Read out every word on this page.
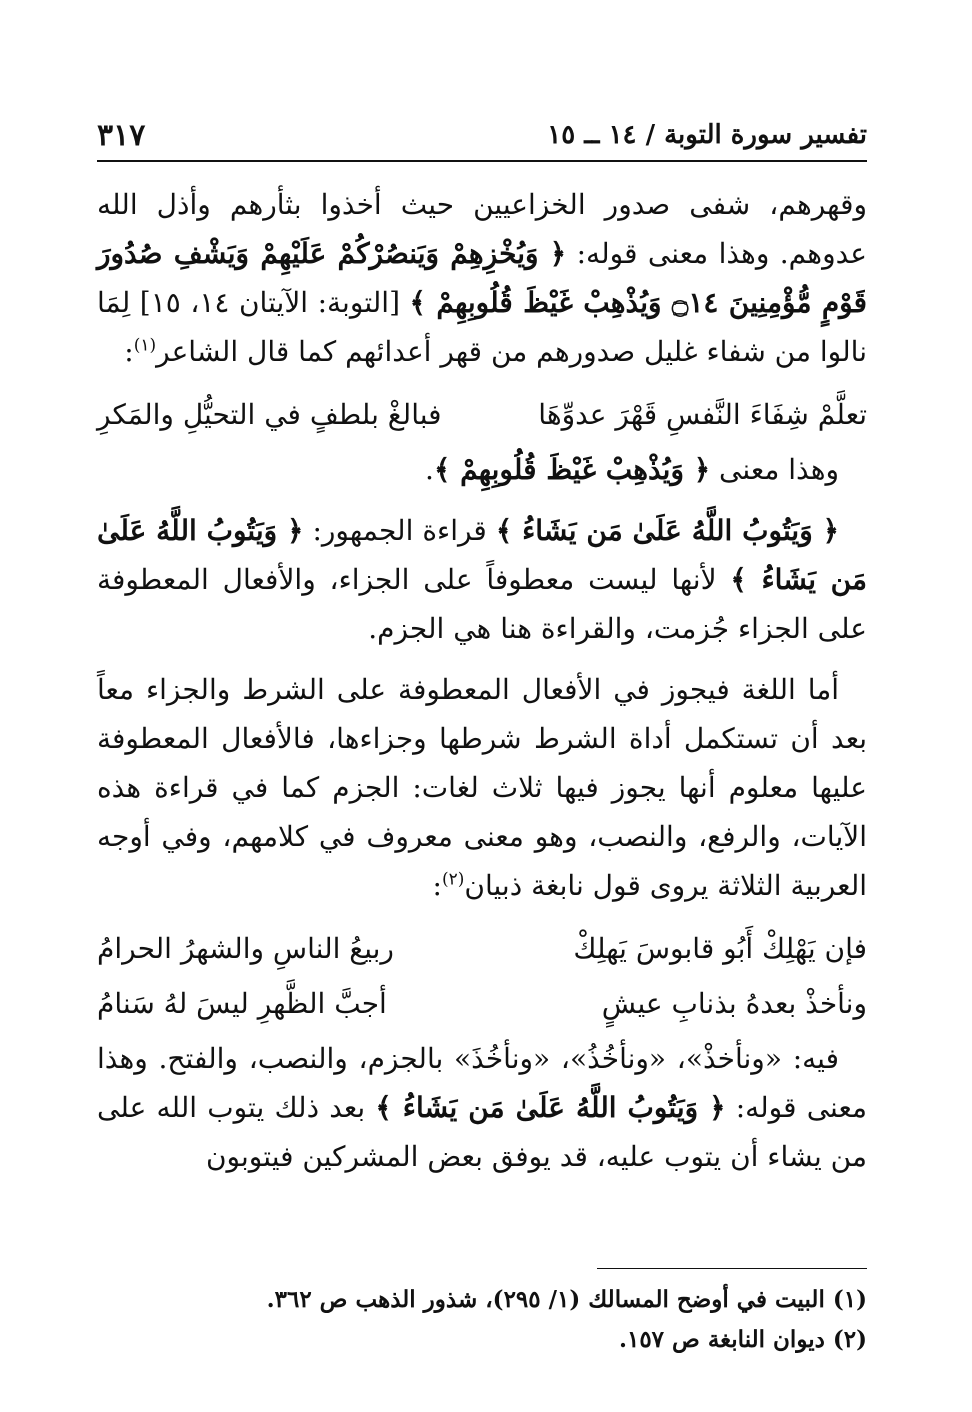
تفسير سورة التوبة / ١٤ ــ ١٥
٣١٧

وقهرهم، شفى صدور الخزاعيين حيث أخذوا بثأرهم وأذل الله عدوهم. وهذا معنى قوله: ﴿ وَيُخْزِهِمْ وَيَنصُرْكُمْ عَلَيْهِمْ وَيَشْفِ صُدُورَ قَوْمٍ مُّؤْمِنِينَ ۝١٤ وَيُذْهِبْ غَيْظَ قُلُوبِهِمْ ﴾ [التوبة: الآيتان ١٤، ١٥] لِمَا نالوا من شفاء غليل صدورهم من قهر أعدائهم كما قال الشاعر$^{(١)}$:

تعلَّمْ شِفَاءَ النَّفسِ قَهْرَ عدوِّهَا
فبالغْ بلطفٍ في التحيُّلِ والمَكرِ

وهذا معنى ﴿ وَيُذْهِبْ غَيْظَ قُلُوبِهِمْ ﴾.

﴿ وَيَتُوبُ اللَّهُ عَلَىٰ مَن يَشَاءُ ﴾ قراءة الجمهور: ﴿ وَيَتُوبُ اللَّهُ عَلَىٰ مَن يَشَاءُ ﴾ لأنها ليست معطوفاً على الجزاء، والأفعال المعطوفة على الجزاء جُزمت، والقراءة هنا هي الجزم.

أما اللغة فيجوز في الأفعال المعطوفة على الشرط والجزاء معاً بعد أن تستكمل أداة الشرط شرطها وجزاءها، فالأفعال المعطوفة عليها معلوم أنها يجوز فيها ثلاث لغات: الجزم كما في قراءة هذه الآيات، والرفع، والنصب، وهو معنى معروف في كلامهم، وفي أوجه العربية الثلاثة يروى قول نابغة ذبيان$^{(٢)}$:

فإن يَهْلِكْ أَبُو قابوسَ يَهلِكْ
ربيعُ الناسِ والشهرُ الحرامُ
ونأخذْ بعدهُ بذنابِ عيشٍ
أجبَّ الظَّهرِ ليسَ لهُ سَنامُ

فيه: «ونأخذْ»، «ونأخُذُ»، «ونأخُذَ» بالجزم، والنصب، والفتح. وهذا معنى قوله: ﴿ وَيَتُوبُ اللَّهُ عَلَىٰ مَن يَشَاءُ ﴾ بعد ذلك يتوب الله على من يشاء أن يتوب عليه، قد يوفق بعض المشركين فيتوبون

(١) البيت في أوضح المسالك (١/ ٢٩٥)، شذور الذهب ص ٣٦٢.

(٢) ديوان النابغة ص ١٥٧.
